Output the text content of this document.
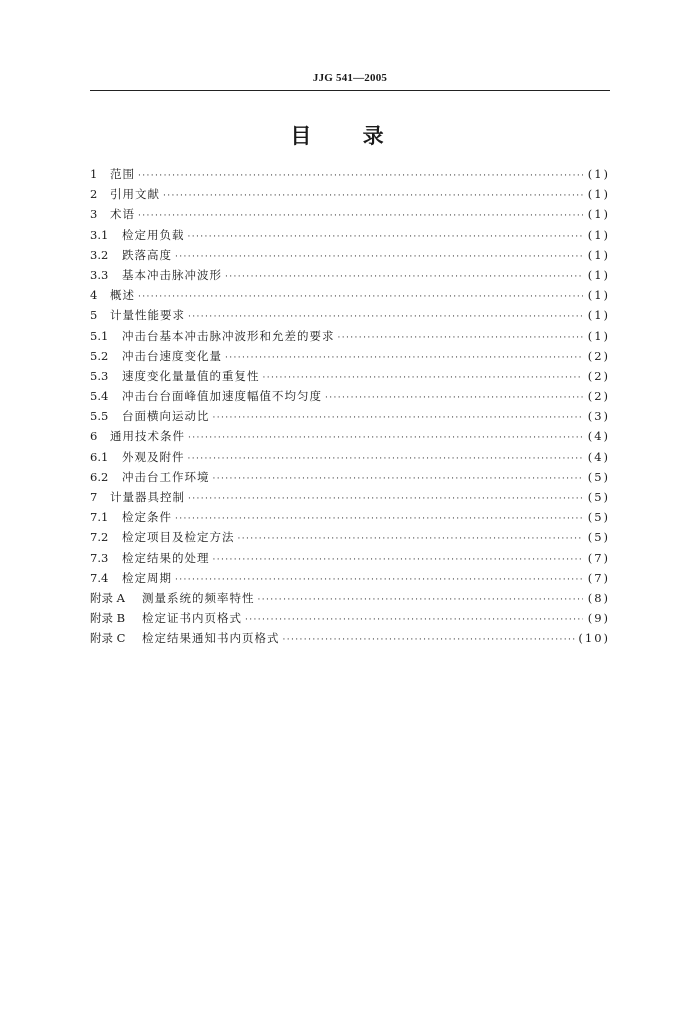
JJG 541—2005
目 录
1	范围 ·····	(1)
2	引用文献 ·····	(1)
3	术语 ·····	(1)
3.1	检定用负载 ·····	(1)
3.2	跌落高度 ·····	(1)
3.3	基本冲击脉冲波形 ·····	(1)
4	概述 ·····	(1)
5	计量性能要求 ·····	(1)
5.1	冲击台基本冲击脉冲波形和允差的要求 ·····	(1)
5.2	冲击台速度变化量 ·····	(2)
5.3	速度变化量量值的重复性 ·····	(2)
5.4	冲击台台面峰值加速度幅值不均匀度 ·····	(2)
5.5	台面横向运动比 ·····	(3)
6	通用技术条件 ·····	(4)
6.1	外观及附件 ·····	(4)
6.2	冲击台工作环境 ·····	(5)
7	计量器具控制 ·····	(5)
7.1	检定条件 ·····	(5)
7.2	检定项目及检定方法 ·····	(5)
7.3	检定结果的处理 ·····	(7)
7.4	检定周期 ·····	(7)
附录 A	测量系统的频率特性 ·····	(8)
附录 B	检定证书内页格式 ·····	(9)
附录 C	检定结果通知书内页格式 ·····	(10)
